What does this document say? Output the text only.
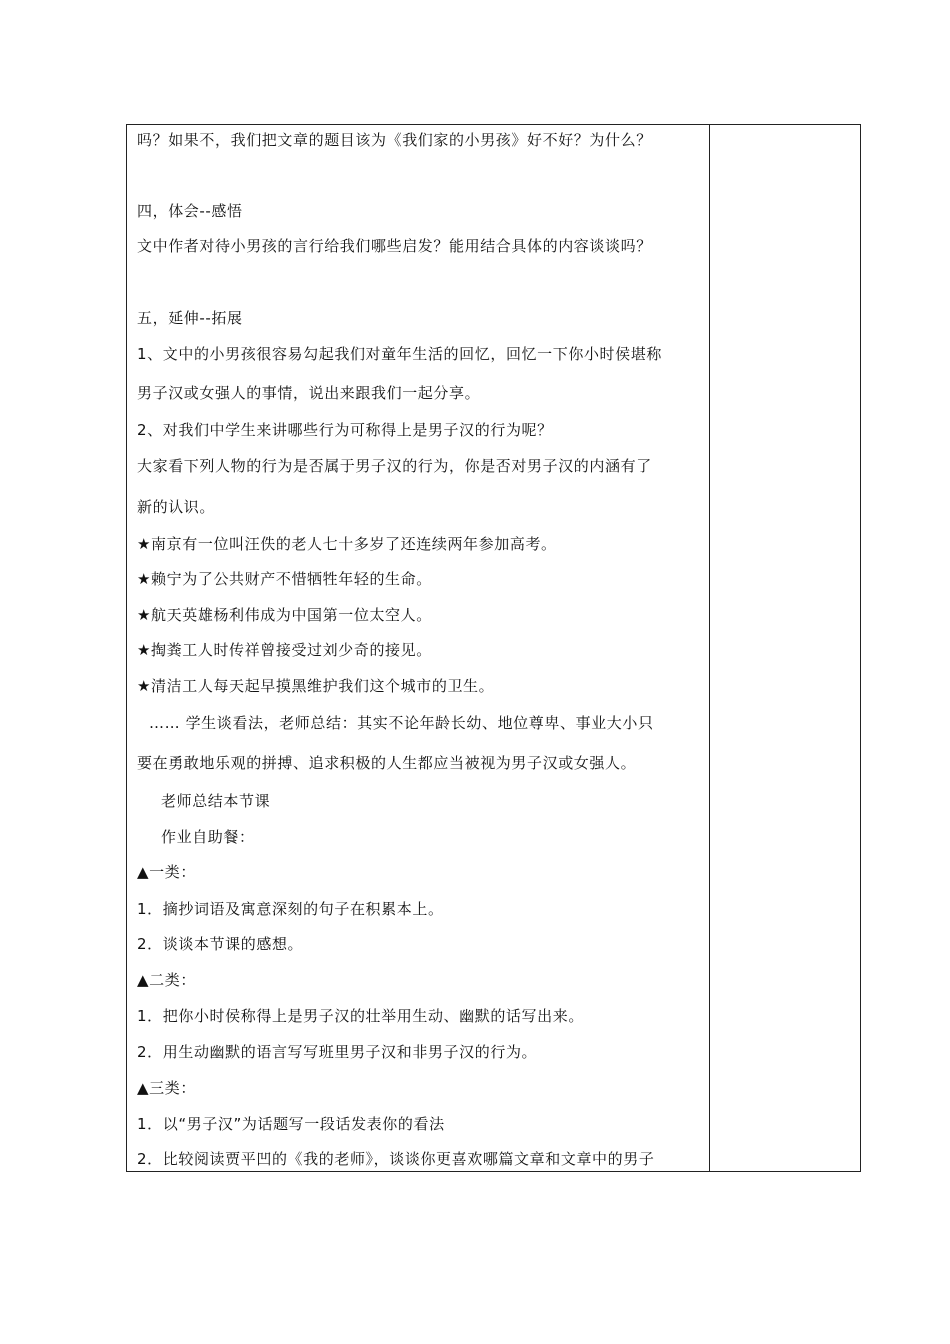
吗？如果不，我们把文章的题目该为《我们家的小男孩》好不好？为什么？
四，体会--感悟
文中作者对待小男孩的言行给我们哪些启发？能用结合具体的内容谈谈吗？
五，延伸--拓展
1、文中的小男孩很容易勾起我们对童年生活的回忆，回忆一下你小时侯堪称
男子汉或女强人的事情，说出来跟我们一起分享。
2、对我们中学生来讲哪些行为可称得上是男子汉的行为呢？
大家看下列人物的行为是否属于男子汉的行为，你是否对男子汉的内涵有了
新的认识。
★南京有一位叫汪佚的老人七十多岁了还连续两年参加高考。
★赖宁为了公共财产不惜牺牲年轻的生命。
★航天英雄杨利伟成为中国第一位太空人。
★掏粪工人时传祥曾接受过刘少奇的接见。
★清洁工人每天起早摸黑维护我们这个城市的卫生。
…… 学生谈看法，老师总结：其实不论年龄长幼、地位尊卑、事业大小只
要在勇敢地乐观的拼搏、追求积极的人生都应当被视为男子汉或女强人。
老师总结本节课
作业自助餐：
▲一类：
1．摘抄词语及寓意深刻的句子在积累本上。
2．谈谈本节课的感想。
▲二类：
1．把你小时侯称得上是男子汉的壮举用生动、幽默的话写出来。
2．用生动幽默的语言写写班里男子汉和非男子汉的行为。
▲三类：
1．以“男子汉”为话题写一段话发表你的看法
2．比较阅读贾平凹的《我的老师》，谈谈你更喜欢哪篇文章和文章中的男子
